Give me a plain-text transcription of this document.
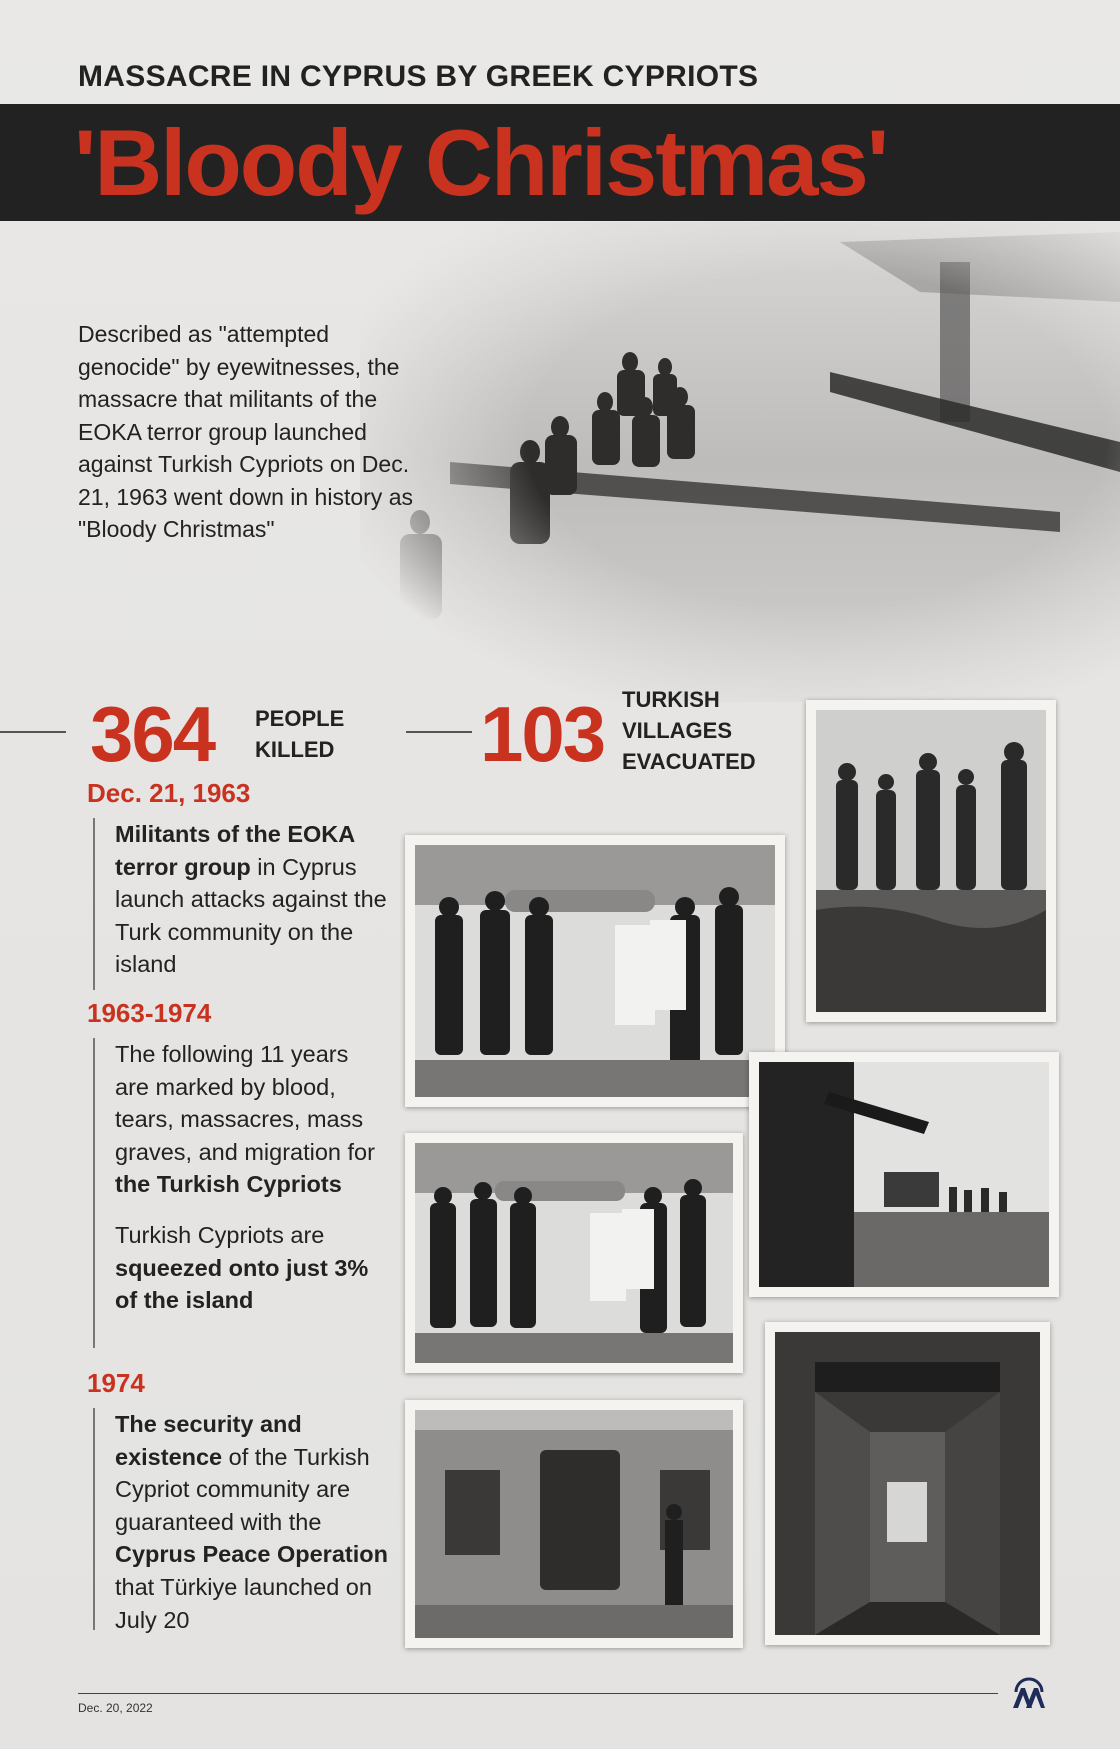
MASSACRE IN CYPRUS BY GREEK CYPRIOTS
'Bloody Christmas'
Described as "attempted genocide" by eyewitnesses, the massacre that militants of the EOKA terror group launched against Turkish Cypriots on Dec. 21, 1963 went down in history as "Bloody Christmas"
364 PEOPLE
KILLED 103 TURKISH
VILLAGES
EVACUATED
Dec. 21, 1963
Militants of the EOKA terror group in Cyprus launch attacks against the Turk community on the island
1963-1974
The following 11 years are marked by blood, tears, massacres, mass graves, and migration for the Turkish Cypriots
Turkish Cypriots are squeezed onto just 3% of the island
1974
The security and existence of the Turkish Cypriot community are guaranteed with the Cyprus Peace Operation that Türkiye launched on July 20
Dec. 20, 2022
